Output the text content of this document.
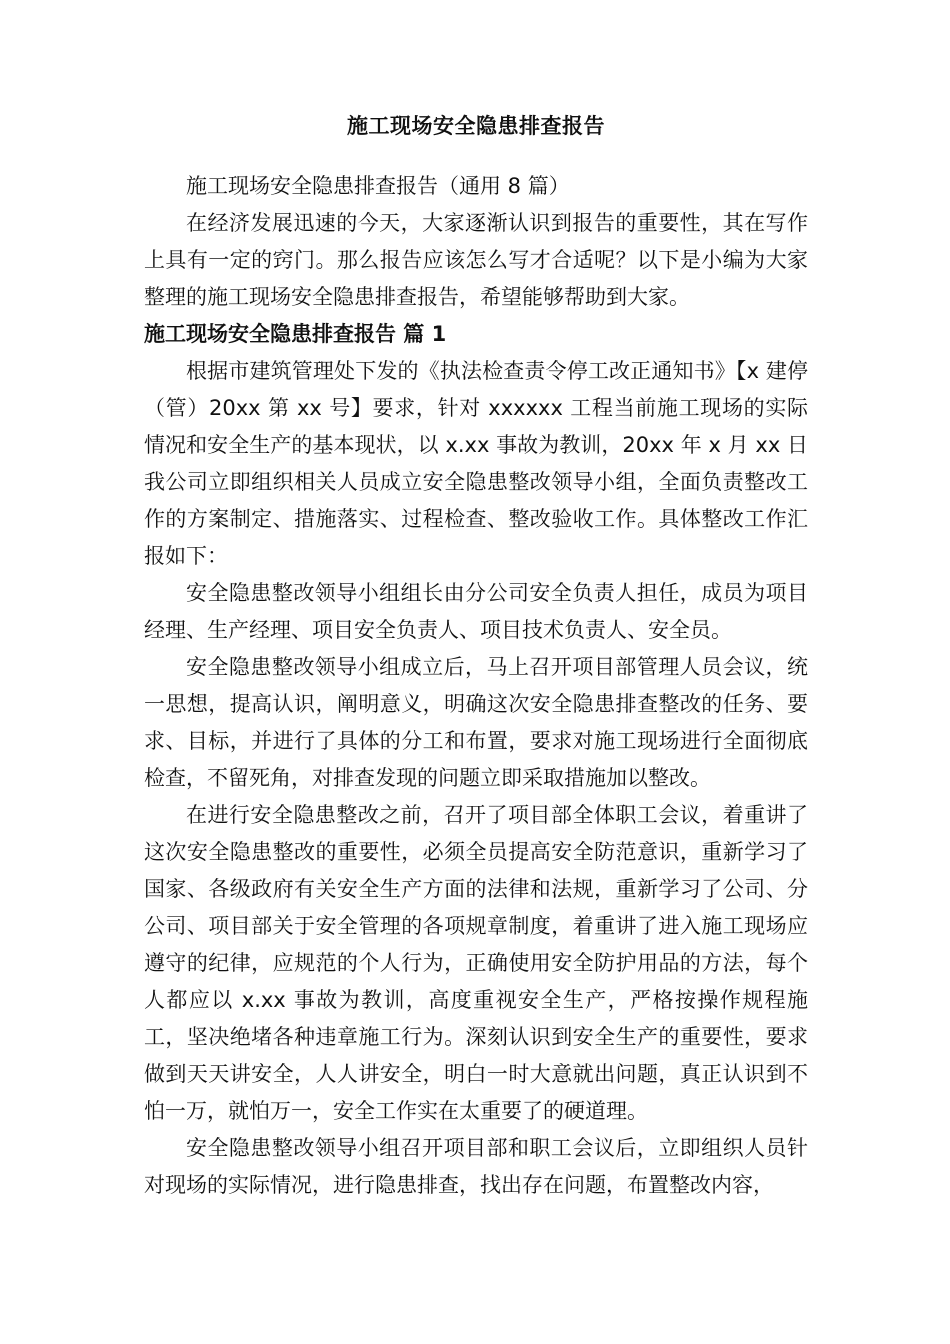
施工现场安全隐患排查报告

施工现场安全隐患排查报告（通用 8 篇）

在经济发展迅速的今天，大家逐渐认识到报告的重要性，其在写作上具有一定的窍门。那么报告应该怎么写才合适呢？以下是小编为大家整理的施工现场安全隐患排查报告，希望能够帮助到大家。

施工现场安全隐患排查报告 篇 1

根据市建筑管理处下发的《执法检查责令停工改正通知书》【x 建停（管）20xx 第 xx 号】要求，针对 xxxxxx 工程当前施工现场的实际情况和安全生产的基本现状，以 x.xx 事故为教训，20xx 年 x 月 xx 日我公司立即组织相关人员成立安全隐患整改领导小组，全面负责整改工作的方案制定、措施落实、过程检查、整改验收工作。具体整改工作汇报如下：

安全隐患整改领导小组组长由分公司安全负责人担任，成员为项目经理、生产经理、项目安全负责人、项目技术负责人、安全员。

安全隐患整改领导小组成立后，马上召开项目部管理人员会议，统一思想，提高认识，阐明意义，明确这次安全隐患排查整改的任务、要求、目标，并进行了具体的分工和布置，要求对施工现场进行全面彻底检查，不留死角，对排查发现的问题立即采取措施加以整改。

在进行安全隐患整改之前，召开了项目部全体职工会议，着重讲了这次安全隐患整改的重要性，必须全员提高安全防范意识，重新学习了国家、各级政府有关安全生产方面的法律和法规，重新学习了公司、分公司、项目部关于安全管理的各项规章制度，着重讲了进入施工现场应遵守的纪律，应规范的个人行为，正确使用安全防护用品的方法，每个人都应以 x.xx 事故为教训，高度重视安全生产，严格按操作规程施工，坚决绝堵各种违章施工行为。深刻认识到安全生产的重要性，要求做到天天讲安全，人人讲安全，明白一时大意就出问题，真正认识到不怕一万，就怕万一，安全工作实在太重要了的硬道理。

安全隐患整改领导小组召开项目部和职工会议后，立即组织人员针对现场的实际情况，进行隐患排查，找出存在问题，布置整改内容，
